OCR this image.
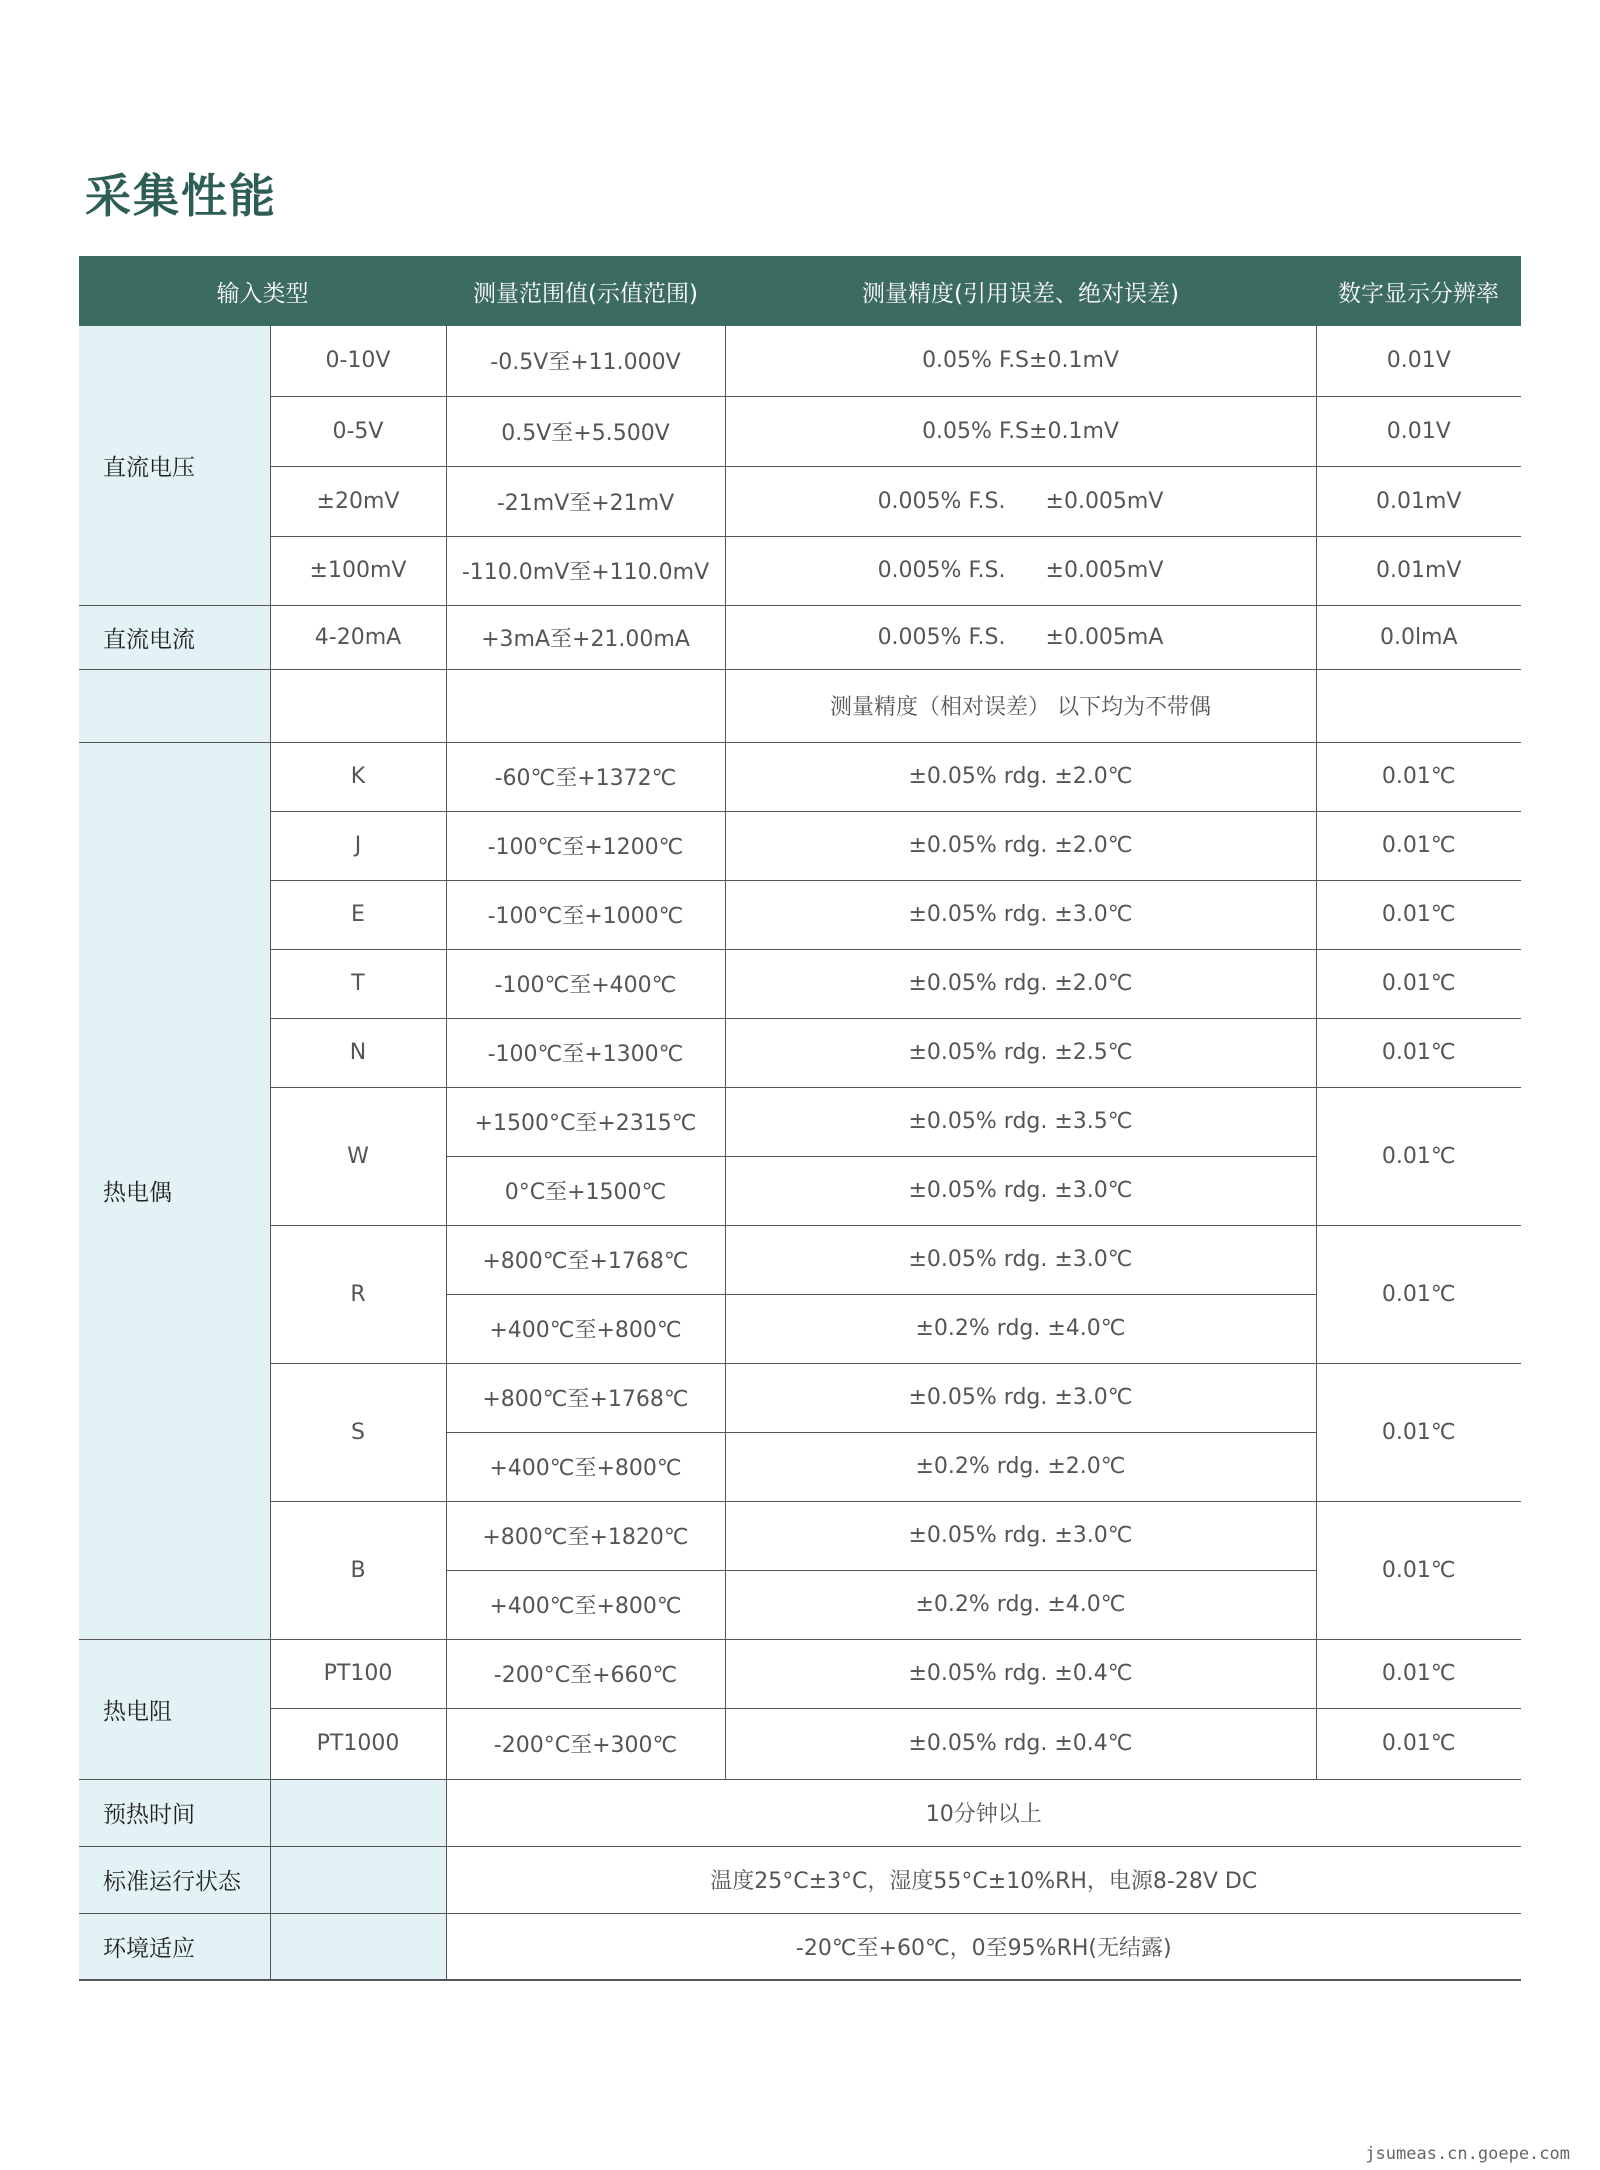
采集性能
输入类型		测量范围值(示值范围)	测量精度(引用误差、绝对误差)	数字显示分辨率
直流电压	0-10V	-0.5V至+11.000V	0.05% F.S±0.1mV	0.01V
	0-5V	0.5V至+5.500V	0.05% F.S±0.1mV	0.01V
	±20mV	-21mV至+21mV	0.005% F.S. ±0.005mV	0.01mV
	±100mV	-110.0mV至+110.0mV	0.005% F.S. ±0.005mV	0.01mV
直流电流	4-20mA	+3mA至+21.00mA	0.005% F.S. ±0.005mA	0.0lmA
			测量精度（相对误差） 以下均为不带偶	
热电偶	K	-60℃至+1372℃	±0.05% rdg. ±2.0℃	0.01℃
	J	-100℃至+1200℃	±0.05% rdg. ±2.0℃	0.01℃
	E	-100℃至+1000℃	±0.05% rdg. ±3.0℃	0.01℃
	T	-100℃至+400℃	±0.05% rdg. ±2.0℃	0.01℃
	N	-100℃至+1300℃	±0.05% rdg. ±2.5℃	0.01℃
	W	+1500°C至+2315℃	±0.05% rdg. ±3.5℃	0.01℃
		0°C至+1500℃	±0.05% rdg. ±3.0℃	
	R	+800℃至+1768℃	±0.05% rdg. ±3.0℃	0.01℃
		+400℃至+800℃	±0.2% rdg. ±4.0℃	
	S	+800℃至+1768℃	±0.05% rdg. ±3.0℃	0.01℃
		+400℃至+800℃	±0.2% rdg. ±2.0℃	
	B	+800℃至+1820℃	±0.05% rdg. ±3.0℃	0.01℃
		+400℃至+800℃	±0.2% rdg. ±4.0℃	
热电阻	PT100	-200°C至+660℃	±0.05% rdg. ±0.4℃	0.01℃
	PT1000	-200°C至+300℃	±0.05% rdg. ±0.4℃	0.01℃
预热时间		10分钟以上		
标准运行状态		温度25°C±3°C，湿度55°C±10%RH，电源8-28V DC		
环境适应		-20℃至+60℃，0至95%RH(无结露)		
jsumeas.cn.goepe.com
